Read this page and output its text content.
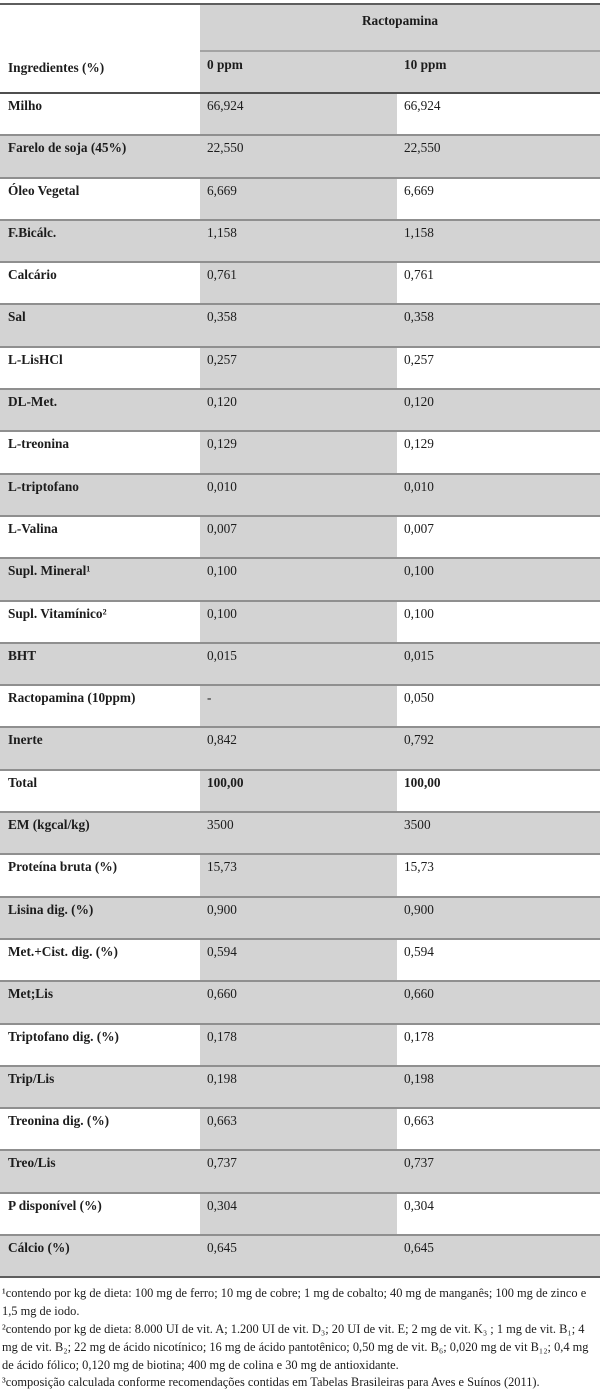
Ingredientes (%)	Ractopamina	
	0 ppm	10 ppm
Milho	66,924	66,924
Farelo de soja (45%)	22,550	22,550
Óleo Vegetal	6,669	6,669
F.Bicálc.	1,158	1,158
Calcário	0,761	0,761
Sal	0,358	0,358
L-LisHCl	0,257	0,257
DL-Met.	0,120	0,120
L-treonina	0,129	0,129
L-triptofano	0,010	0,010
L-Valina	0,007	0,007
Supl. Mineral¹	0,100	0,100
Supl. Vitamínico²	0,100	0,100
BHT	0,015	0,015
Ractopamina (10ppm)	-	0,050
Inerte	0,842	0,792
Total	100,00	100,00
EM (kgcal/kg)	3500	3500
Proteína bruta (%)	15,73	15,73
Lisina dig. (%)	0,900	0,900
Met.+Cist. dig. (%)	0,594	0,594
Met;Lis	0,660	0,660
Triptofano dig. (%)	0,178	0,178
Trip/Lis	0,198	0,198
Treonina dig. (%)	0,663	0,663
Treo/Lis	0,737	0,737
P disponível (%)	0,304	0,304
Cálcio (%)	0,645	0,645

¹contendo por kg de dieta: 100 mg de ferro; 10 mg de cobre; 1 mg de cobalto; 40 mg de manganês; 100 mg de zinco e 1,5 mg de iodo.

²contendo por kg de dieta: 8.000 UI de vit. A; 1.200 UI de vit. D₃; 20 UI de vit. E; 2 mg de vit. K₃ ; 1 mg de vit. B₁; 4 mg de vit. B₂; 22 mg de ácido nicotínico; 16 mg de ácido pantotênico; 0,50 mg de vit. B₆; 0,020 mg de vit B₁₂; 0,4 mg de ácido fólico; 0,120 mg de biotina; 400 mg de colina e 30 mg de antioxidante.

³composição calculada conforme recomendações contidas em Tabelas Brasileiras para Aves e Suínos (2011).
